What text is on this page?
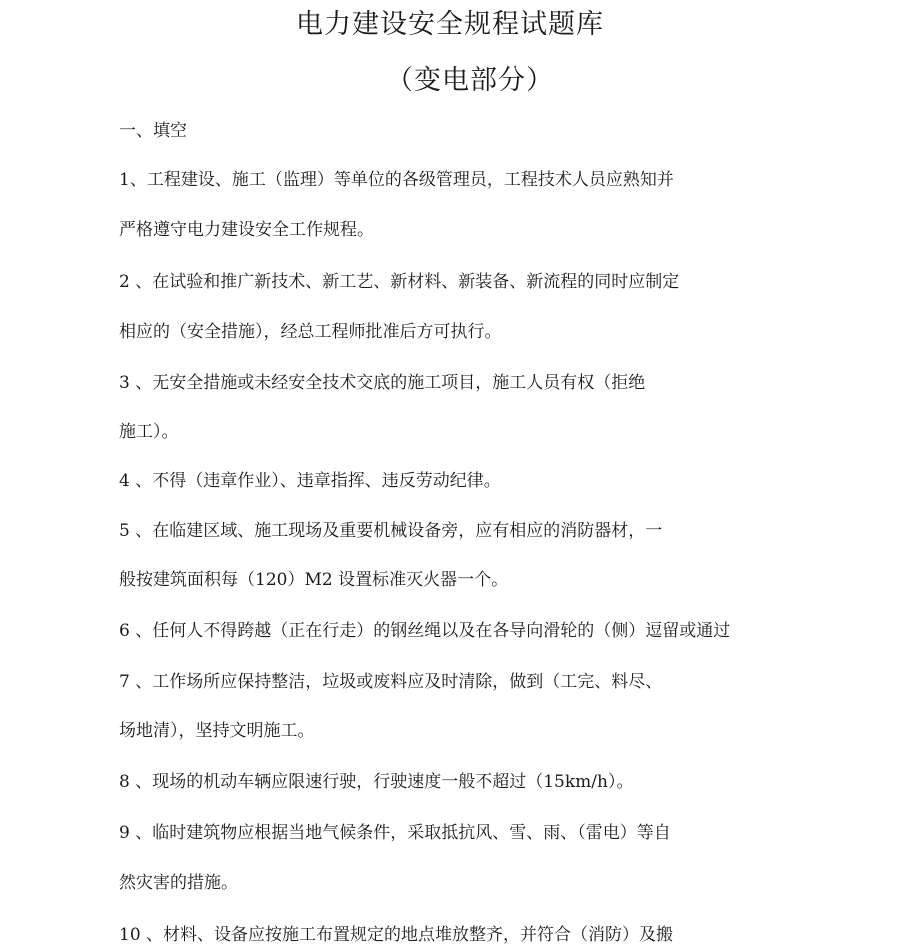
电力建设安全规程试题库
（变电部分）
一、填空
1、工程建设、施工（监理）等单位的各级管理员，工程技术人员应熟知并
严格遵守电力建设安全工作规程。
2 、在试验和推广新技术、新工艺、新材料、新装备、新流程的同时应制定
相应的（安全措施），经总工程师批准后方可执行。
3 、无安全措施或未经安全技术交底的施工项目，施工人员有权（拒绝
施工）。
4 、不得（违章作业）、违章指挥、违反劳动纪律。
5 、在临建区域、施工现场及重要机械设备旁，应有相应的消防器材，一
般按建筑面积每（120）M2 设置标准灭火器一个。
6 、任何人不得跨越（正在行走）的钢丝绳以及在各导向滑轮的（侧）逗留或通过
7 、工作场所应保持整洁，垃圾或废料应及时清除，做到（工完、料尽、
场地清），坚持文明施工。
8 、现场的机动车辆应限速行驶，行驶速度一般不超过（15km/h）。
9 、临时建筑物应根据当地气候条件，采取抵抗风、雪、雨、（雷电）等自
然灾害的措施。
10 、材料、设备应按施工布置规定的地点堆放整齐，并符合（消防）及搬
